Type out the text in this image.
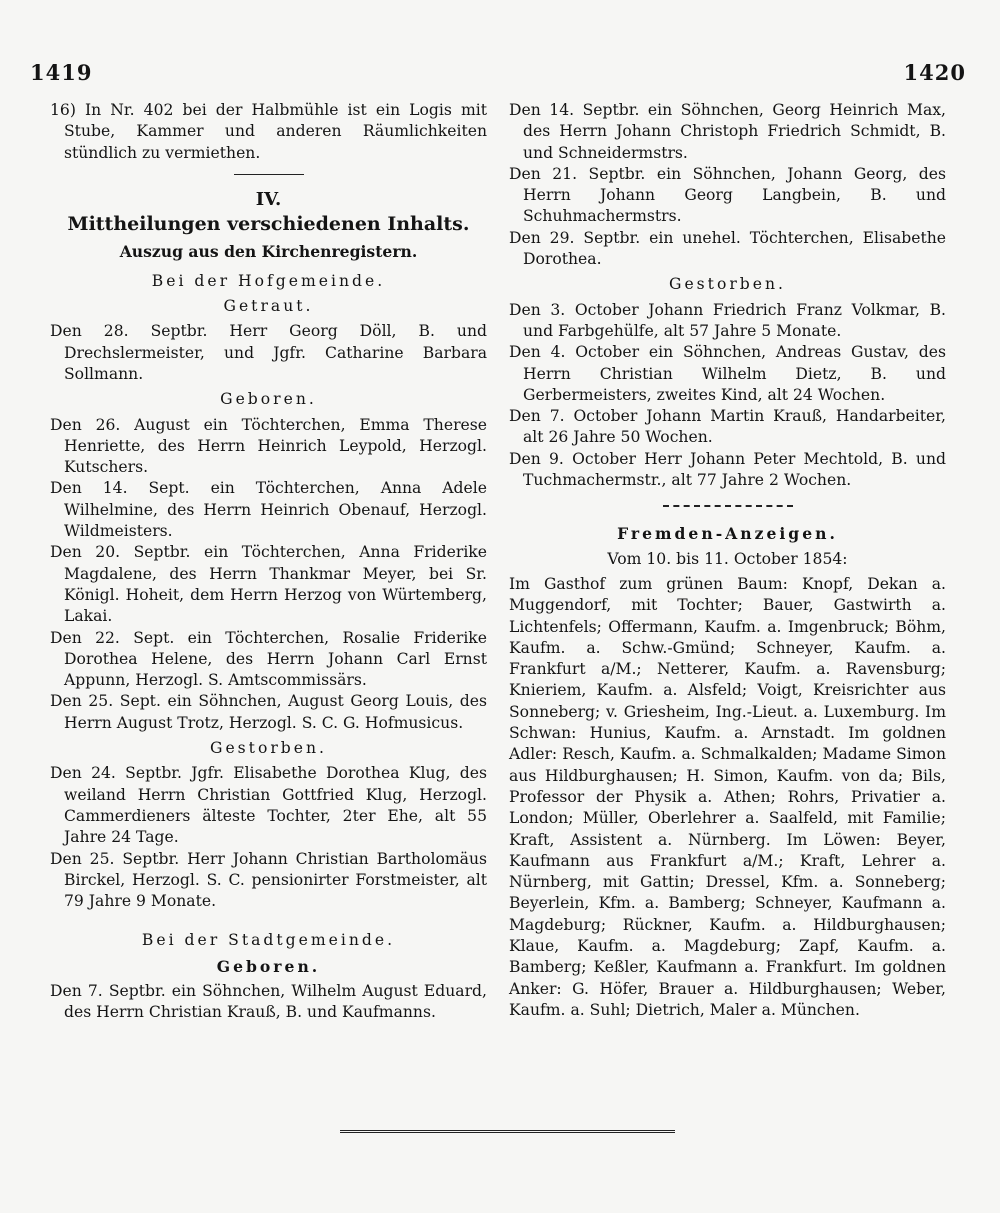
1419	1420

16) In Nr. 402 bei der Halbmühle ist ein Logis mit Stube, Kammer und anderen Räumlichkeiten stündlich zu vermiethen.

IV.
Mittheilungen verschiedenen Inhalts.
Auszug aus den Kirchenregistern.

Bei der Hofgemeinde.

Getraut.

Den 28. Septbr. Herr Georg Döll, B. und Drechslermeister, und Jgfr. Catharine Barbara Sollmann.

Geboren.

Den 26. August ein Töchterchen, Emma Therese Henriette, des Herrn Heinrich Leypold, Herzogl. Kutschers.

Den 14. Sept. ein Töchterchen, Anna Adele Wilhelmine, des Herrn Heinrich Obenauf, Herzogl. Wildmeisters.

Den 20. Septbr. ein Töchterchen, Anna Friderike Magdalene, des Herrn Thankmar Meyer, bei Sr. Königl. Hoheit, dem Herrn Herzog von Würtemberg, Lakai.

Den 22. Sept. ein Töchterchen, Rosalie Friderike Dorothea Helene, des Herrn Johann Carl Ernst Appunn, Herzogl. S. Amtscommissärs.

Den 25. Sept. ein Söhnchen, August Georg Louis, des Herrn August Trotz, Herzogl. S. C. G. Hofmusicus.

Gestorben.

Den 24. Septbr. Jgfr. Elisabethe Dorothea Klug, des weiland Herrn Christian Gottfried Klug, Herzogl. Cammerdieners älteste Tochter, 2ter Ehe, alt 55 Jahre 24 Tage.

Den 25. Septbr. Herr Johann Christian Bartholomäus Birckel, Herzogl. S. C. pensionirter Forstmeister, alt 79 Jahre 9 Monate.

Bei der Stadtgemeinde.

Geboren.

Den 7. Septbr. ein Söhnchen, Wilhelm August Eduard, des Herrn Christian Krauß, B. und Kaufmanns.

Den 14. Septbr. ein Söhnchen, Georg Heinrich Max, des Herrn Johann Christoph Friedrich Schmidt, B. und Schneidermstrs.

Den 21. Septbr. ein Söhnchen, Johann Georg, des Herrn Johann Georg Langbein, B. und Schuhmachermstrs.

Den 29. Septbr. ein unehel. Töchterchen, Elisabethe Dorothea.

Gestorben.

Den 3. October Johann Friedrich Franz Volkmar, B. und Farbgehülfe, alt 57 Jahre 5 Monate.

Den 4. October ein Söhnchen, Andreas Gustav, des Herrn Christian Wilhelm Dietz, B. und Gerbermeisters, zweites Kind, alt 24 Wochen.

Den 7. October Johann Martin Krauß, Handarbeiter, alt 26 Jahre 50 Wochen.

Den 9. October Herr Johann Peter Mechtold, B. und Tuchmachermstr., alt 77 Jahre 2 Wochen.

Fremden-Anzeigen.

Vom 10. bis 11. October 1854:

Im Gasthof zum grünen Baum: Knopf, Dekan a. Muggendorf, mit Tochter; Bauer, Gastwirth a. Lichtenfels; Offermann, Kaufm. a. Imgenbruck; Böhm, Kaufm. a. Schw.-Gmünd; Schneyer, Kaufm. a. Frankfurt a/M.; Netterer, Kaufm. a. Ravensburg; Knieriem, Kaufm. a. Alsfeld; Voigt, Kreisrichter aus Sonneberg; v. Griesheim, Ing.-Lieut. a. Luxemburg. Im Schwan: Hunius, Kaufm. a. Arnstadt. Im goldnen Adler: Resch, Kaufm. a. Schmalkalden; Madame Simon aus Hildburghausen; H. Simon, Kaufm. von da; Bils, Professor der Physik a. Athen; Rohrs, Privatier a. London; Müller, Oberlehrer a. Saalfeld, mit Familie; Kraft, Assistent a. Nürnberg. Im Löwen: Beyer, Kaufmann aus Frankfurt a/M.; Kraft, Lehrer a. Nürnberg, mit Gattin; Dressel, Kfm. a. Sonneberg; Beyerlein, Kfm. a. Bamberg; Schneyer, Kaufmann a. Magdeburg; Rückner, Kaufm. a. Hildburghausen; Klaue, Kaufm. a. Magdeburg; Zapf, Kaufm. a. Bamberg; Keßler, Kaufmann a. Frankfurt. Im goldnen Anker: G. Höfer, Brauer a. Hildburghausen; Weber, Kaufm. a. Suhl; Dietrich, Maler a. München.
